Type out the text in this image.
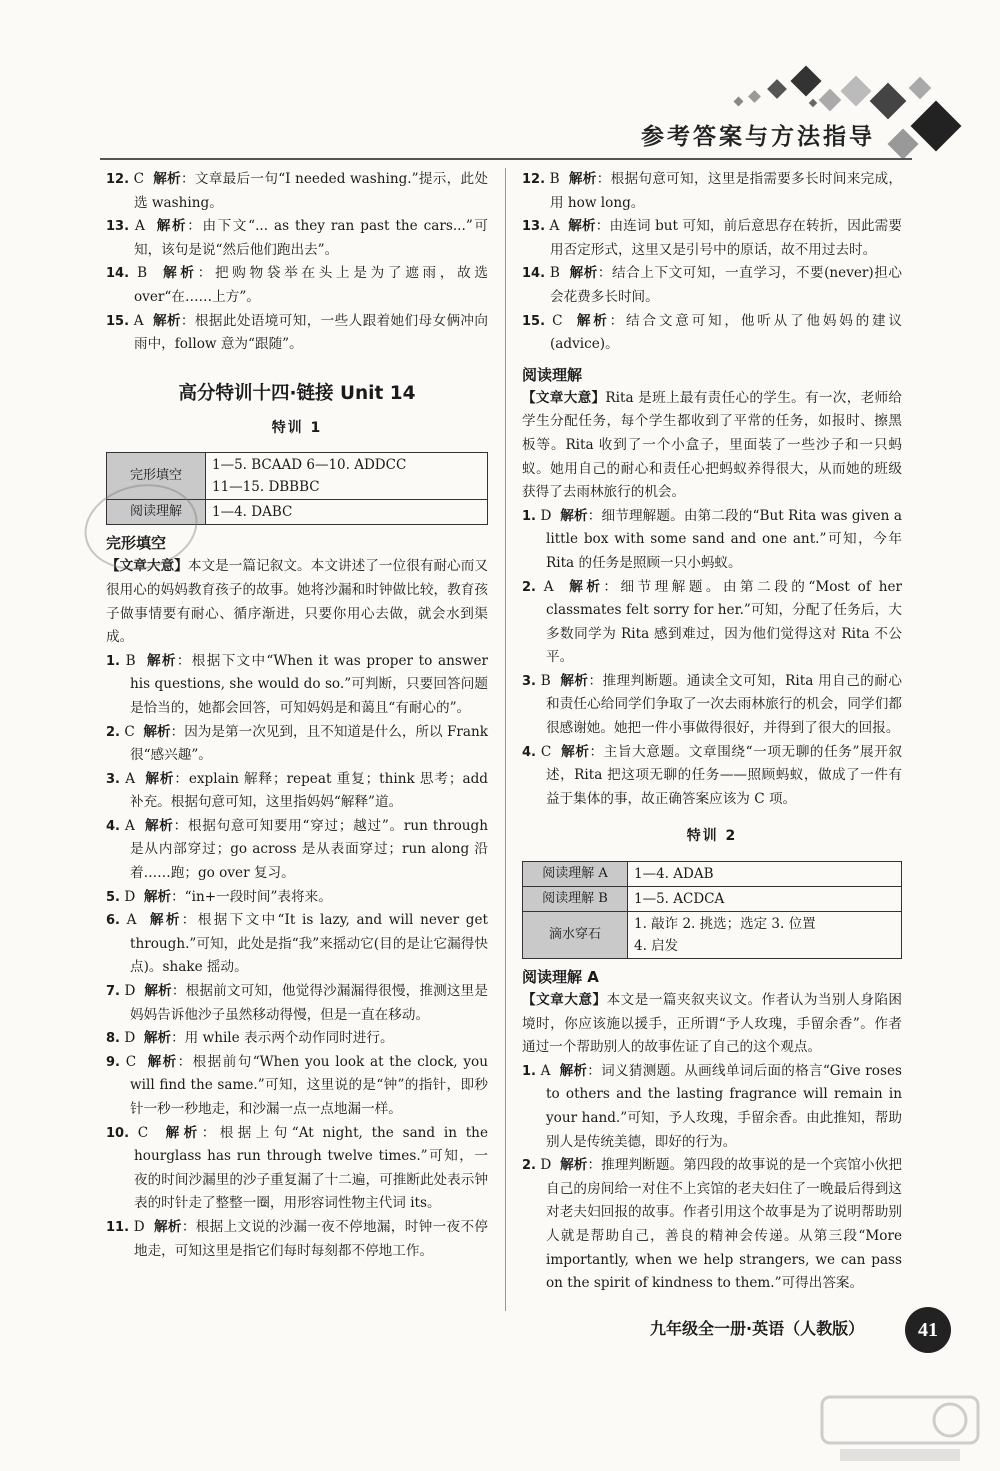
参考答案与方法指导

12. C 解析：文章最后一句“I needed washing.”提示，此处选 washing。

13. A 解析：由下文“... as they ran past the cars...”可知，该句是说“然后他们跑出去”。

14. B 解析：把购物袋举在头上是为了遮雨，故选 over“在……上方”。

15. A 解析：根据此处语境可知，一些人跟着她们母女俩冲向雨中，follow 意为“跟随”。

高分特训十四·链接 Unit 14
特训 1
完形填空	1—5. BCAAD 6—10. ADDCC
11—15. DBBBC

阅读理解	1—4. DABC
完形填空

【文章大意】本文是一篇记叙文。本文讲述了一位很有耐心而又很用心的妈妈教育孩子的故事。她将沙漏和时钟做比较，教育孩子做事情要有耐心、循序渐进，只要你用心去做，就会水到渠成。

1. B 解析：根据下文中“When it was proper to answer his questions, she would do so.”可判断，只要回答问题是恰当的，她都会回答，可知妈妈是和蔼且“有耐心的”。

2. C 解析：因为是第一次见到，且不知道是什么，所以 Frank 很“感兴趣”。

3. A 解析：explain 解释；repeat 重复；think 思考；add 补充。根据句意可知，这里指妈妈“解释”道。

4. A 解析：根据句意可知要用“穿过；越过”。run through 是从内部穿过；go across 是从表面穿过；run along 沿着……跑；go over 复习。

5. D 解析：“in+一段时间”表将来。

6. A 解析：根据下文中“It is lazy, and will never get through.”可知，此处是指“我”来摇动它(目的是让它漏得快点)。shake 摇动。

7. D 解析：根据前文可知，他觉得沙漏漏得很慢，推测这里是妈妈告诉他沙子虽然移动得慢，但是一直在移动。

8. D 解析：用 while 表示两个动作同时进行。

9. C 解析：根据前句“When you look at the clock, you will find the same.”可知，这里说的是“钟”的指针，即秒针一秒一秒地走，和沙漏一点一点地漏一样。

10. C 解析：根据上句“At night, the sand in the hourglass has run through twelve times.”可知，一夜的时间沙漏里的沙子重复漏了十二遍，可推断此处表示钟表的时针走了整整一圈，用形容词性物主代词 its。

11. D 解析：根据上文说的沙漏一夜不停地漏，时钟一夜不停地走，可知这里是指它们每时每刻都不停地工作。

12. B 解析：根据句意可知，这里是指需要多长时间来完成，用 how long。

13. A 解析：由连词 but 可知，前后意思存在转折，因此需要用否定形式，这里又是引号中的原话，故不用过去时。

14. B 解析：结合上下文可知，一直学习，不要(never)担心会花费多长时间。

15. C 解析：结合文意可知，他听从了他妈妈的建议(advice)。

阅读理解

【文章大意】Rita 是班上最有责任心的学生。有一次，老师给学生分配任务，每个学生都收到了平常的任务，如报时、擦黑板等。Rita 收到了一个小盒子，里面装了一些沙子和一只蚂蚁。她用自己的耐心和责任心把蚂蚁养得很大，从而她的班级获得了去雨林旅行的机会。

1. D 解析：细节理解题。由第二段的“But Rita was given a little box with some sand and one ant.”可知，今年 Rita 的任务是照顾一只小蚂蚁。

2. A 解析：细节理解题。由第二段的“Most of her classmates felt sorry for her.”可知，分配了任务后，大多数同学为 Rita 感到难过，因为他们觉得这对 Rita 不公平。

3. B 解析：推理判断题。通读全文可知，Rita 用自己的耐心和责任心给同学们争取了一次去雨林旅行的机会，同学们都很感谢她。她把一件小事做得很好，并得到了很大的回报。

4. C 解析：主旨大意题。文章围绕“一项无聊的任务”展开叙述，Rita 把这项无聊的任务——照顾蚂蚁，做成了一件有益于集体的事，故正确答案应该为 C 项。

特训 2
阅读理解 A	1—4. ADAB
阅读理解 B	1—5. ACDCA
滴水穿石	1. 敲诈 2. 挑选；选定 3. 位置
4. 启发
阅读理解 A

【文章大意】本文是一篇夹叙夹议文。作者认为当别人身陷困境时，你应该施以援手，正所谓“予人玫瑰，手留余香”。作者通过一个帮助别人的故事佐证了自己的这个观点。

1. A 解析：词义猜测题。从画线单词后面的格言“Give roses to others and the lasting fragrance will remain in your hand.”可知，予人玫瑰，手留余香。由此推知，帮助别人是传统美德，即好的行为。

2. D 解析：推理判断题。第四段的故事说的是一个宾馆小伙把自己的房间给一对住不上宾馆的老夫妇住了一晚最后得到这对老夫妇回报的故事。作者引用这个故事是为了说明帮助别人就是帮助自己，善良的精神会传递。从第三段“More importantly, when we help strangers, we can pass on the spirit of kindness to them.”可得出答案。

九年级全一册·英语（人教版）	41
